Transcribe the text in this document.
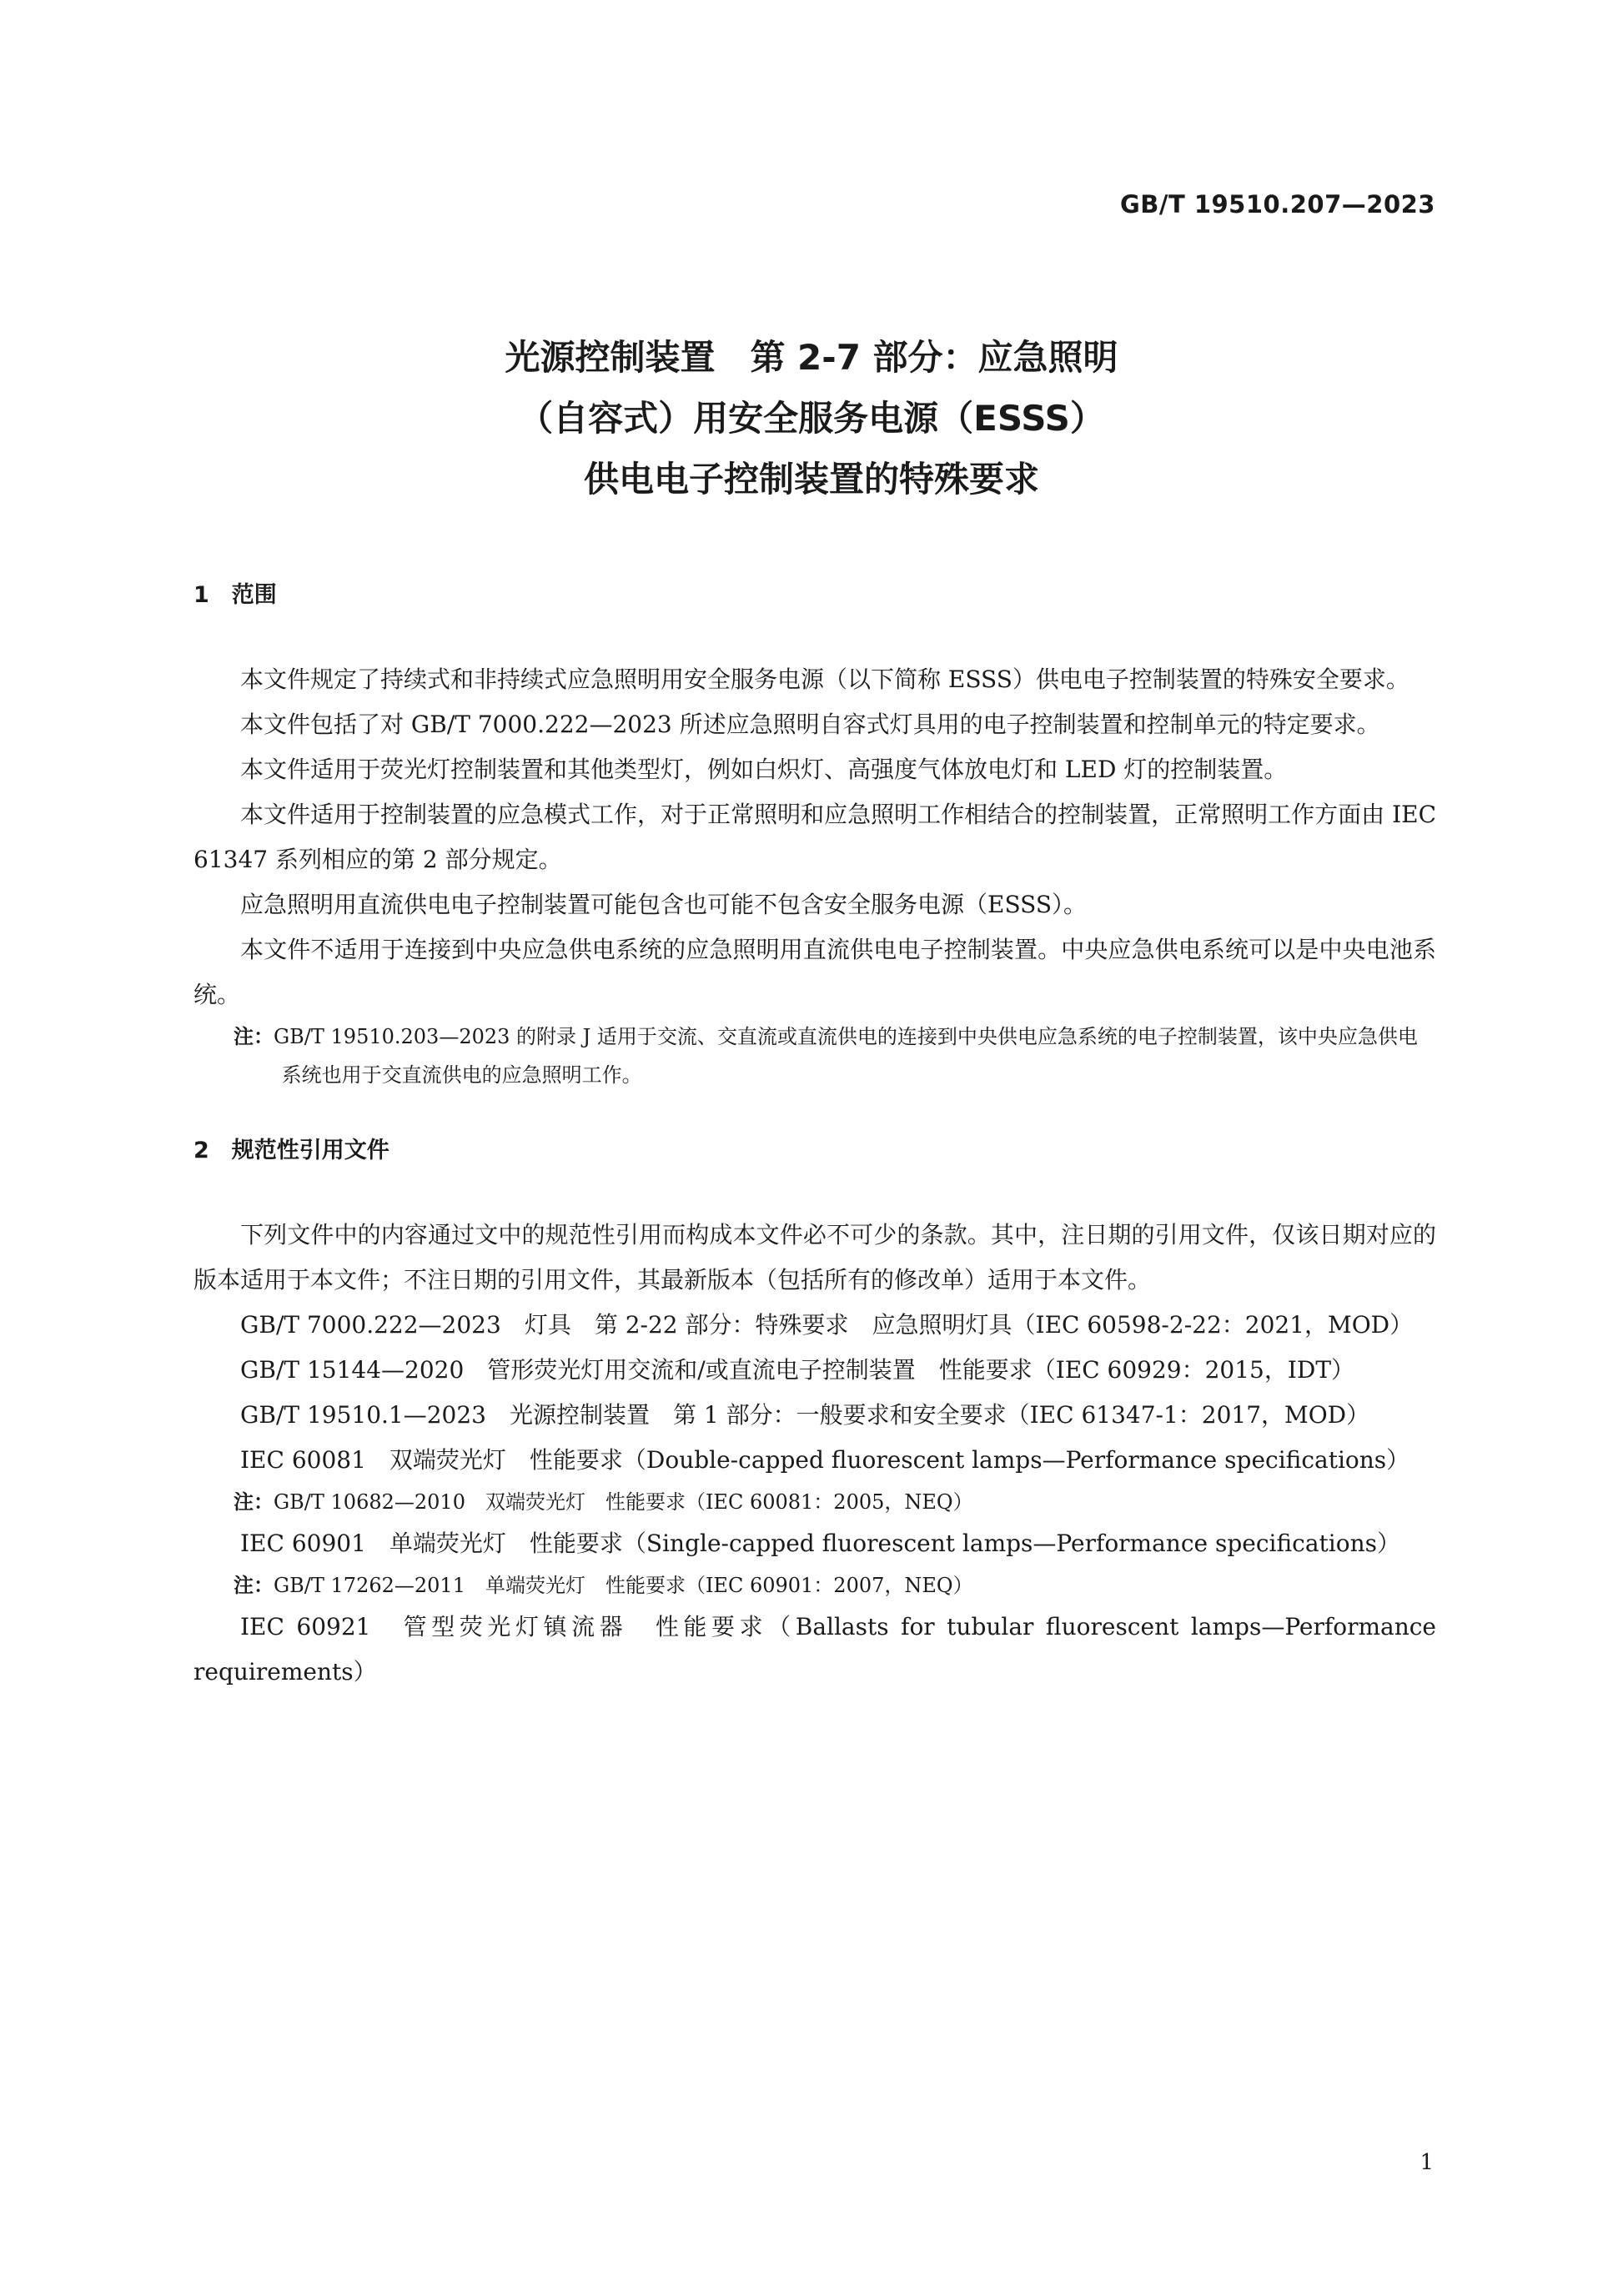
GB/T 19510.207—2023
光源控制装置　第 2-7 部分：应急照明
（自容式）用安全服务电源（ESSS）
供电电子控制装置的特殊要求

1　范围

本文件规定了持续式和非持续式应急照明用安全服务电源（以下简称 ESSS）供电电子控制装置的特殊安全要求。

本文件包括了对 GB/T 7000.222—2023 所述应急照明自容式灯具用的电子控制装置和控制单元的特定要求。

本文件适用于荧光灯控制装置和其他类型灯，例如白炽灯、高强度气体放电灯和 LED 灯的控制装置。

本文件适用于控制装置的应急模式工作，对于正常照明和应急照明工作相结合的控制装置，正常照明工作方面由 IEC 61347 系列相应的第 2 部分规定。

应急照明用直流供电电子控制装置可能包含也可能不包含安全服务电源（ESSS）。

本文件不适用于连接到中央应急供电系统的应急照明用直流供电电子控制装置。中央应急供电系统可以是中央电池系统。

注：GB/T 19510.203—2023 的附录 J 适用于交流、交直流或直流供电的连接到中央供电应急系统的电子控制装置，该中央应急供电系统也用于交直流供电的应急照明工作。

2　规范性引用文件

下列文件中的内容通过文中的规范性引用而构成本文件必不可少的条款。其中，注日期的引用文件，仅该日期对应的版本适用于本文件；不注日期的引用文件，其最新版本（包括所有的修改单）适用于本文件。

GB/T 7000.222—2023　灯具　第 2-22 部分：特殊要求　应急照明灯具（IEC 60598-2-22：2021，MOD）

GB/T 15144—2020　管形荧光灯用交流和/或直流电子控制装置　性能要求（IEC 60929：2015，IDT）

GB/T 19510.1—2023　光源控制装置　第 1 部分：一般要求和安全要求（IEC 61347-1：2017，MOD）

IEC 60081　双端荧光灯　性能要求（Double-capped fluorescent lamps—Performance specifications）

注：GB/T 10682—2010　双端荧光灯　性能要求（IEC 60081：2005，NEQ）

IEC 60901　单端荧光灯　性能要求（Single-capped fluorescent lamps—Performance specifications）

注：GB/T 17262—2011　单端荧光灯　性能要求（IEC 60901：2007，NEQ）

IEC 60921　管型荧光灯镇流器　性能要求（Ballasts for tubular fluorescent lamps—Performance requirements）

1
